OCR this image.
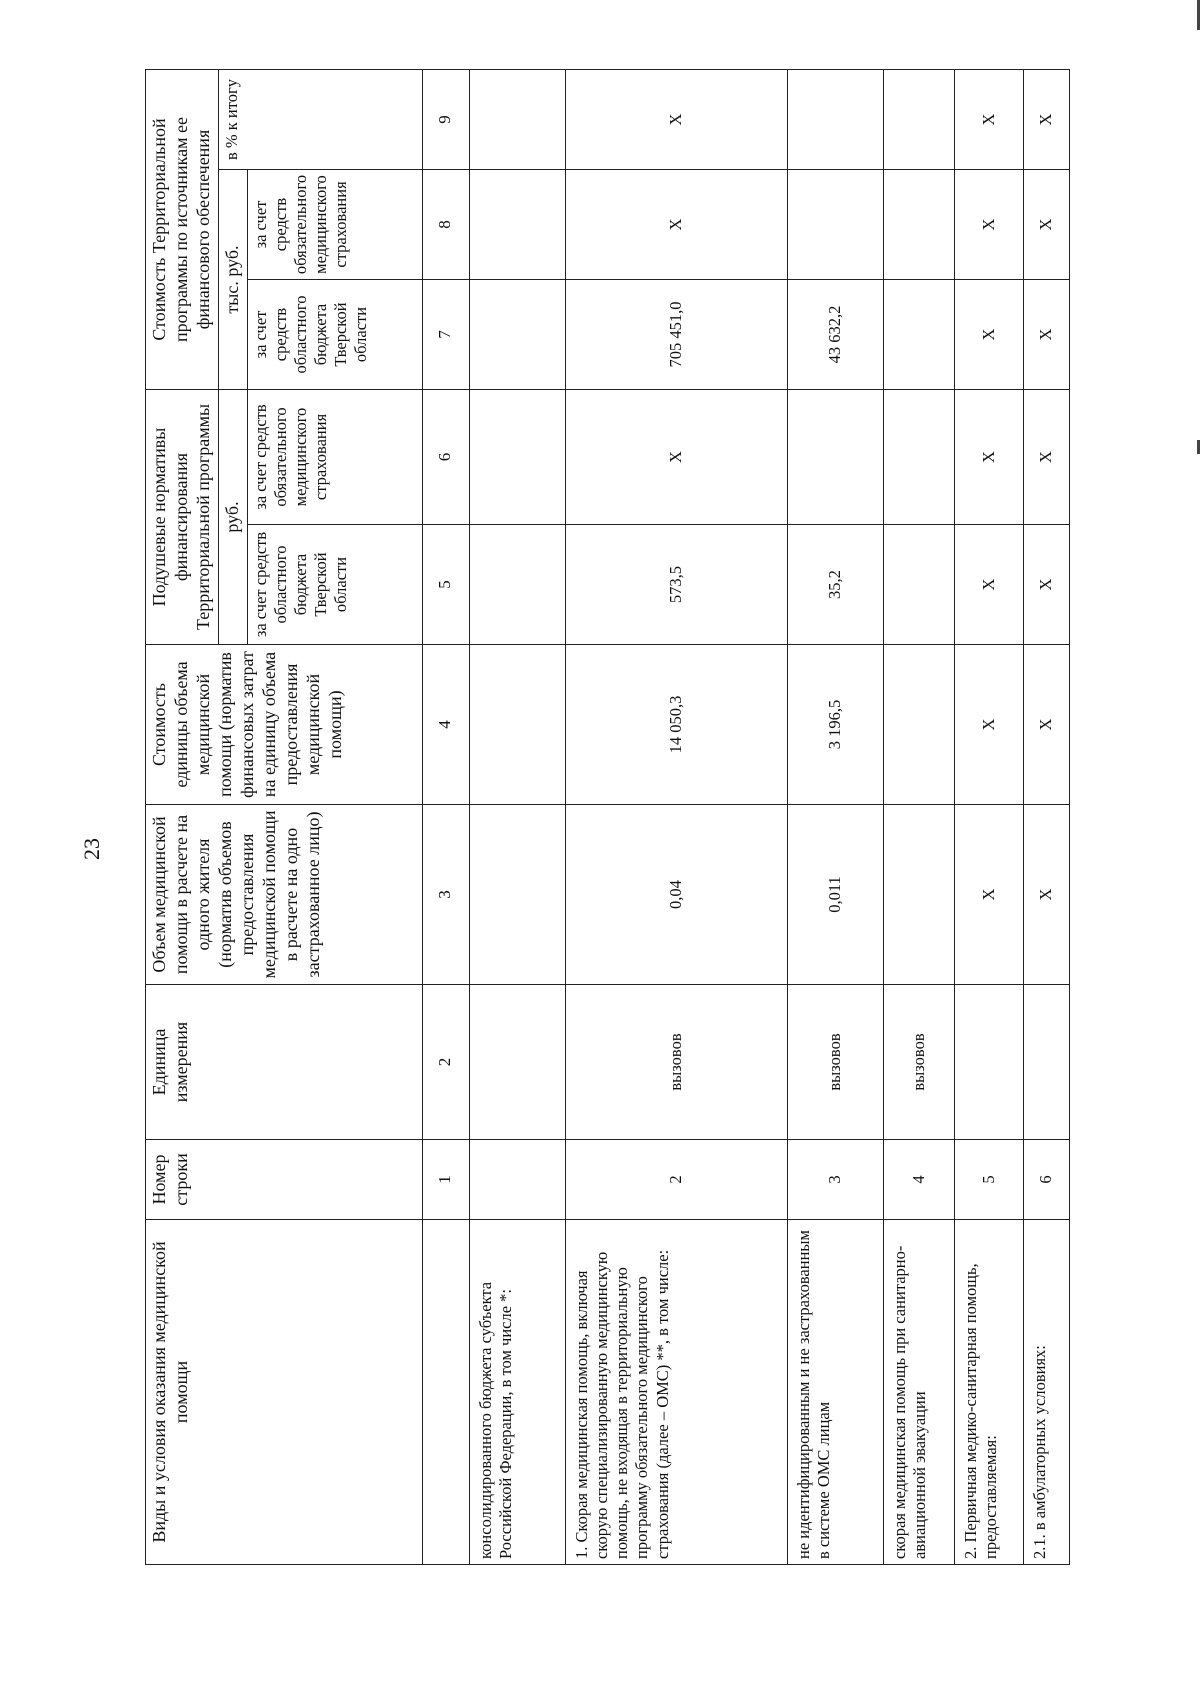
23
Виды и условия оказания медицинской помощи	Номер строки	Единица измерения	Объем медицинской помощи в расчете на одного жителя (норматив объемов предоставления медицинской помощи в расчете на одно застрахованное лицо)	Стоимость единицы объема медицинской помощи (норматив финансовых затрат на единицу объема предоставления медицинской помощи)	Подушевые нормативы финансирования Территориальной программы		Стоимость Территориальной программы по источникам ее финансового обеспечения		
					руб.		тыс. руб.		в % к итогу
					за счет средств областного бюджета Тверской области	за счет средств обязательного медицинского страхования	за счет средств областного бюджета Тверской области	за счет средств обязательного медицинского страхования	
	1	2	3	4	5	6	7	8	9
консолидированного бюджета субъекта Российской Федерации, в том числе *:									
1. Скорая медицинская помощь, включая скорую специализированную медицинскую помощь, не входящая в территориальную программу обязательного медицинского страхования (далее – ОМС) **, в том числе:	2	вызовов	0,04	14 050,3	573,5	Х	705 451,0	Х	Х
не идентифицированным и не застрахованным в системе ОМС лицам	3	вызовов	0,011	3 196,5	35,2		43 632,2		
скорая медицинская помощь при санитарно-авиационной эвакуации	4	вызовов							
2. Первичная медико-санитарная помощь, предоставляемая:	5		Х	Х	Х	Х	Х	Х	Х
2.1. в амбулаторных условиях:	6		Х	Х	Х	Х	Х	Х	Х
